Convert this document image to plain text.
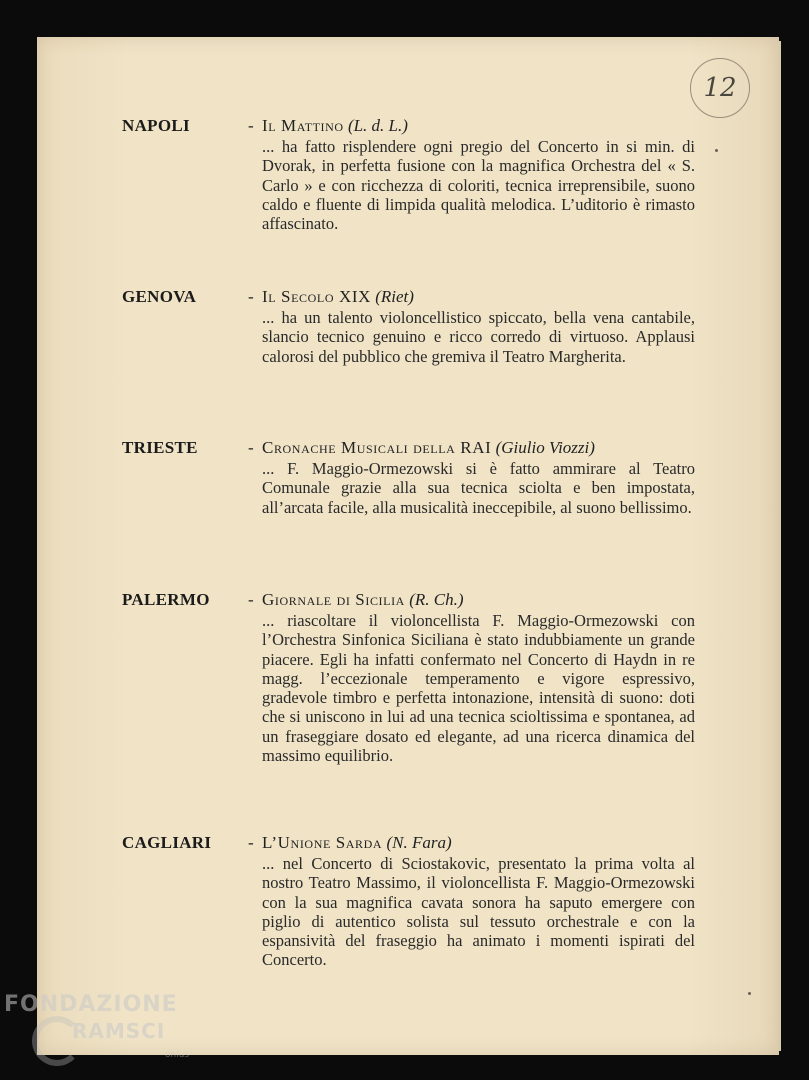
12
NAPOLI	- Il Mattino (L. d. L.)
... ha fatto risplendere ogni pregio del Concerto in si min. di Dvorak, in perfetta fusione con la magnifica Orchestra del « S. Carlo » e con ricchezza di coloriti, tecnica irreprensibile, suono caldo e fluente di limpida qualità melodica. L’uditorio è rimasto affascinato.
GENOVA	- Il Secolo XIX (Riet)
... ha un talento violoncellistico spiccato, bella vena cantabile, slancio tecnico genuino e ricco corredo di virtuoso. Applausi calorosi del pubblico che gremiva il Teatro Margherita.
TRIESTE	- Cronache Musicali della RAI (Giulio Viozzi)
... F. Maggio-Ormezowski si è fatto ammirare al Teatro Comunale grazie alla sua tecnica sciolta e ben impostata, all’arcata facile, alla musicalità ineccepibile, al suono bellissimo.
PALERMO - Giornale di Sicilia (R. Ch.)
... riascoltare il violoncellista F. Maggio-Ormezowski con l’Orchestra Sinfonica Siciliana è stato indubbiamente un grande piacere. Egli ha infatti confermato nel Concerto di Haydn in re magg. l’eccezionale temperamento e vigore espressivo, gradevole timbro e perfetta intonazione, intensità di suono: doti che si uniscono in lui ad una tecnica scioltissima e spontanea, ad un fraseggiare dosato ed elegante, ad una ricerca dinamica del massimo equilibrio.
CAGLIARI - L’Unione Sarda (N. Fara)
... nel Concerto di Sciostakovic, presentato la prima volta al nostro Teatro Massimo, il violoncellista F. Maggio-Ormezowski con la sua magnifica cavata sonora ha saputo emergere con piglio di autentico solista sul tessuto orchestrale e con la espansività del fraseggio ha animato i momenti ispirati del Concerto.
FONDAZIONE
RAMSCI
onlus
